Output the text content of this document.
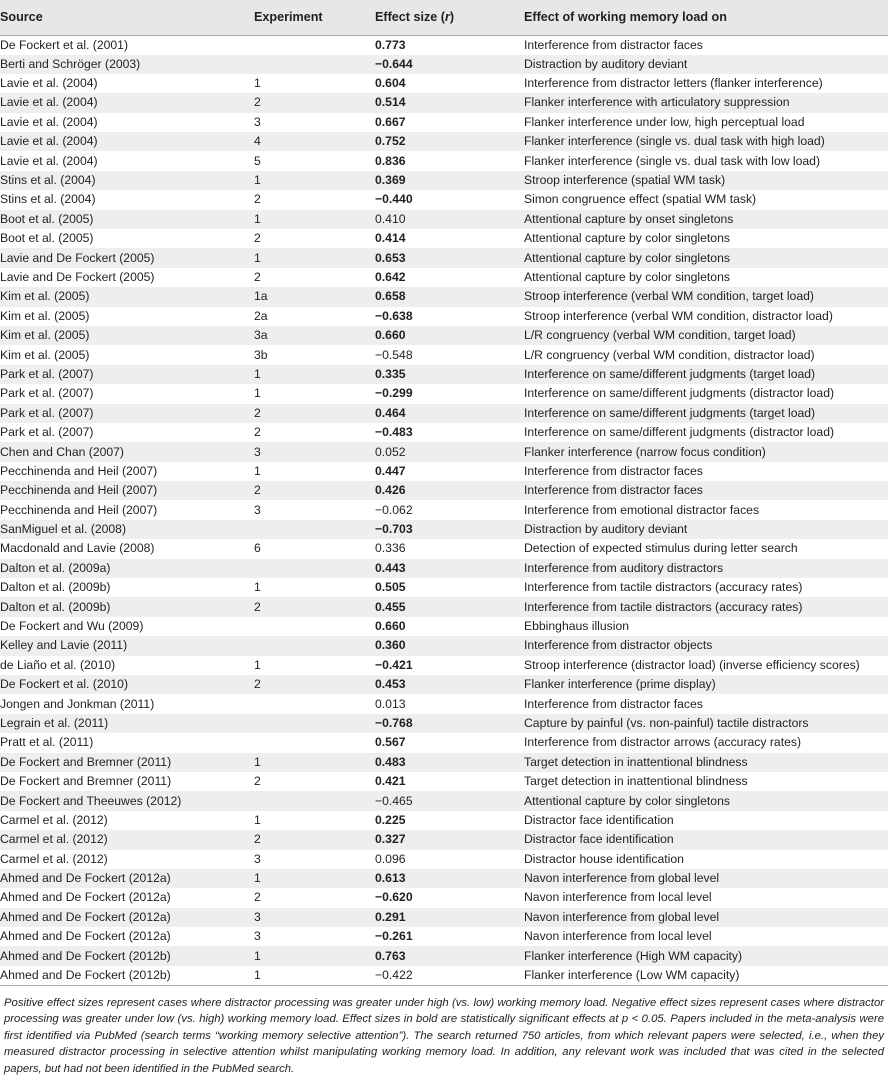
Source	Experiment	Effect size (r)	Effect of working memory load on
De Fockert et al. (2001)		0.773	Interference from distractor faces
Berti and Schröger (2003)		−0.644	Distraction by auditory deviant
Lavie et al. (2004)	1	0.604	Interference from distractor letters (flanker interference)
Lavie et al. (2004)	2	0.514	Flanker interference with articulatory suppression
Lavie et al. (2004)	3	0.667	Flanker interference under low, high perceptual load
Lavie et al. (2004)	4	0.752	Flanker interference (single vs. dual task with high load)
Lavie et al. (2004)	5	0.836	Flanker interference (single vs. dual task with low load)
Stins et al. (2004)	1	0.369	Stroop interference (spatial WM task)
Stins et al. (2004)	2	−0.440	Simon congruence effect (spatial WM task)
Boot et al. (2005)	1	0.410	Attentional capture by onset singletons
Boot et al. (2005)	2	0.414	Attentional capture by color singletons
Lavie and De Fockert (2005)	1	0.653	Attentional capture by color singletons
Lavie and De Fockert (2005)	2	0.642	Attentional capture by color singletons
Kim et al. (2005)	1a	0.658	Stroop interference (verbal WM condition, target load)
Kim et al. (2005)	2a	−0.638	Stroop interference (verbal WM condition, distractor load)
Kim et al. (2005)	3a	0.660	L/R congruency (verbal WM condition, target load)
Kim et al. (2005)	3b	−0.548	L/R congruency (verbal WM condition, distractor load)
Park et al. (2007)	1	0.335	Interference on same/different judgments (target load)
Park et al. (2007)	1	−0.299	Interference on same/different judgments (distractor load)
Park et al. (2007)	2	0.464	Interference on same/different judgments (target load)
Park et al. (2007)	2	−0.483	Interference on same/different judgments (distractor load)
Chen and Chan (2007)	3	0.052	Flanker interference (narrow focus condition)
Pecchinenda and Heil (2007)	1	0.447	Interference from distractor faces
Pecchinenda and Heil (2007)	2	0.426	Interference from distractor faces
Pecchinenda and Heil (2007)	3	−0.062	Interference from emotional distractor faces
SanMiguel et al. (2008)		−0.703	Distraction by auditory deviant
Macdonald and Lavie (2008)	6	0.336	Detection of expected stimulus during letter search
Dalton et al. (2009a)		0.443	Interference from auditory distractors
Dalton et al. (2009b)	1	0.505	Interference from tactile distractors (accuracy rates)
Dalton et al. (2009b)	2	0.455	Interference from tactile distractors (accuracy rates)
De Fockert and Wu (2009)		0.660	Ebbinghaus illusion
Kelley and Lavie (2011)		0.360	Interference from distractor objects
de Liaño et al. (2010)	1	−0.421	Stroop interference (distractor load) (inverse efficiency scores)
De Fockert et al. (2010)	2	0.453	Flanker interference (prime display)
Jongen and Jonkman (2011)		0.013	Interference from distractor faces
Legrain et al. (2011)		−0.768	Capture by painful (vs. non-painful) tactile distractors
Pratt et al. (2011)		0.567	Interference from distractor arrows (accuracy rates)
De Fockert and Bremner (2011)	1	0.483	Target detection in inattentional blindness
De Fockert and Bremner (2011)	2	0.421	Target detection in inattentional blindness
De Fockert and Theeuwes (2012)		−0.465	Attentional capture by color singletons
Carmel et al. (2012)	1	0.225	Distractor face identification
Carmel et al. (2012)	2	0.327	Distractor face identification
Carmel et al. (2012)	3	0.096	Distractor house identification
Ahmed and De Fockert (2012a)	1	0.613	Navon interference from global level
Ahmed and De Fockert (2012a)	2	−0.620	Navon interference from local level
Ahmed and De Fockert (2012a)	3	0.291	Navon interference from global level
Ahmed and De Fockert (2012a)	3	−0.261	Navon interference from local level
Ahmed and De Fockert (2012b)	1	0.763	Flanker interference (High WM capacity)
Ahmed and De Fockert (2012b)	1	−0.422	Flanker interference (Low WM capacity)

Positive effect sizes represent cases where distractor processing was greater under high (vs. low) working memory load. Negative effect sizes represent cases where distractor processing was greater under low (vs. high) working memory load. Effect sizes in bold are statistically significant effects at p < 0.05. Papers included in the meta-analysis were first identified via PubMed (search terms “working memory selective attention”). The search returned 750 articles, from which relevant papers were selected, i.e., when they measured distractor processing in selective attention whilst manipulating working memory load. In addition, any relevant work was included that was cited in the selected papers, but had not been identified in the PubMed search.
